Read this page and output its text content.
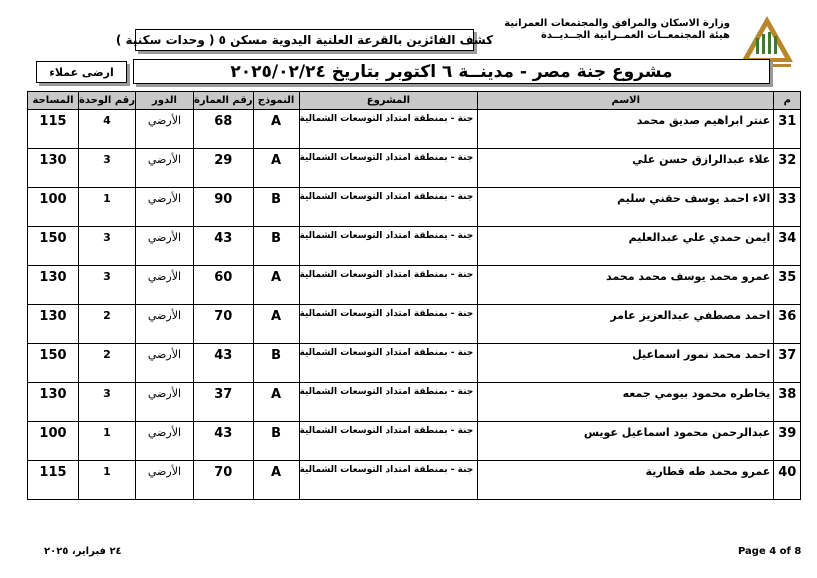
كشف الفائزين بالقرعة العلنية اليدوية مسكن ٥ ( وحدات سكنية )
وزارة الاسكان والمرافق والمجتمعات العمرانية
هيئة المجتمعــات العمــرانية الجــديــدة
ارضى عملاء	مشروع جنة مصر - مدينــة ٦ اكتوبر بتاريخ ٢٠٢٥/٠٢/٢٤
المساحة	رقم الوحدة	الدور	رقم العمارة	النموذج	المشروع	الاسم	م
115	4	الأرضي	68	A	جنة - بمنطقة امتداد التوسعات الشمالية	عنتر ابراهيم صديق محمد	31
130	3	الأرضي	29	A	جنة - بمنطقة امتداد التوسعات الشمالية	علاء عبدالرازق حسن علي	32
100	1	الأرضي	90	B	جنة - بمنطقة امتداد التوسعات الشمالية	الاء احمد يوسف حقني سليم	33
150	3	الأرضي	43	B	جنة - بمنطقة امتداد التوسعات الشمالية	ايمن حمدي علي عبدالعليم	34
130	3	الأرضي	60	A	جنة - بمنطقة امتداد التوسعات الشمالية	عمرو محمد يوسف محمد محمد	35
130	2	الأرضي	70	A	جنة - بمنطقة امتداد التوسعات الشمالية	احمد مصطفي عبدالعزيز عامر	36
150	2	الأرضي	43	B	جنة - بمنطقة امتداد التوسعات الشمالية	احمد محمد نمور اسماعيل	37
130	3	الأرضي	37	A	جنة - بمنطقة امتداد التوسعات الشمالية	يخاطره محمود بيومي جمعه	38
100	1	الأرضي	43	B	جنة - بمنطقة امتداد التوسعات الشمالية	عبدالرحمن محمود اسماعيل عويس	39
115	1	الأرضي	70	A	جنة - بمنطقة امتداد التوسعات الشمالية	عمرو محمد طه قطارية	40
٢٤ فبراير، ٢٠٢٥	Page 4 of 8
